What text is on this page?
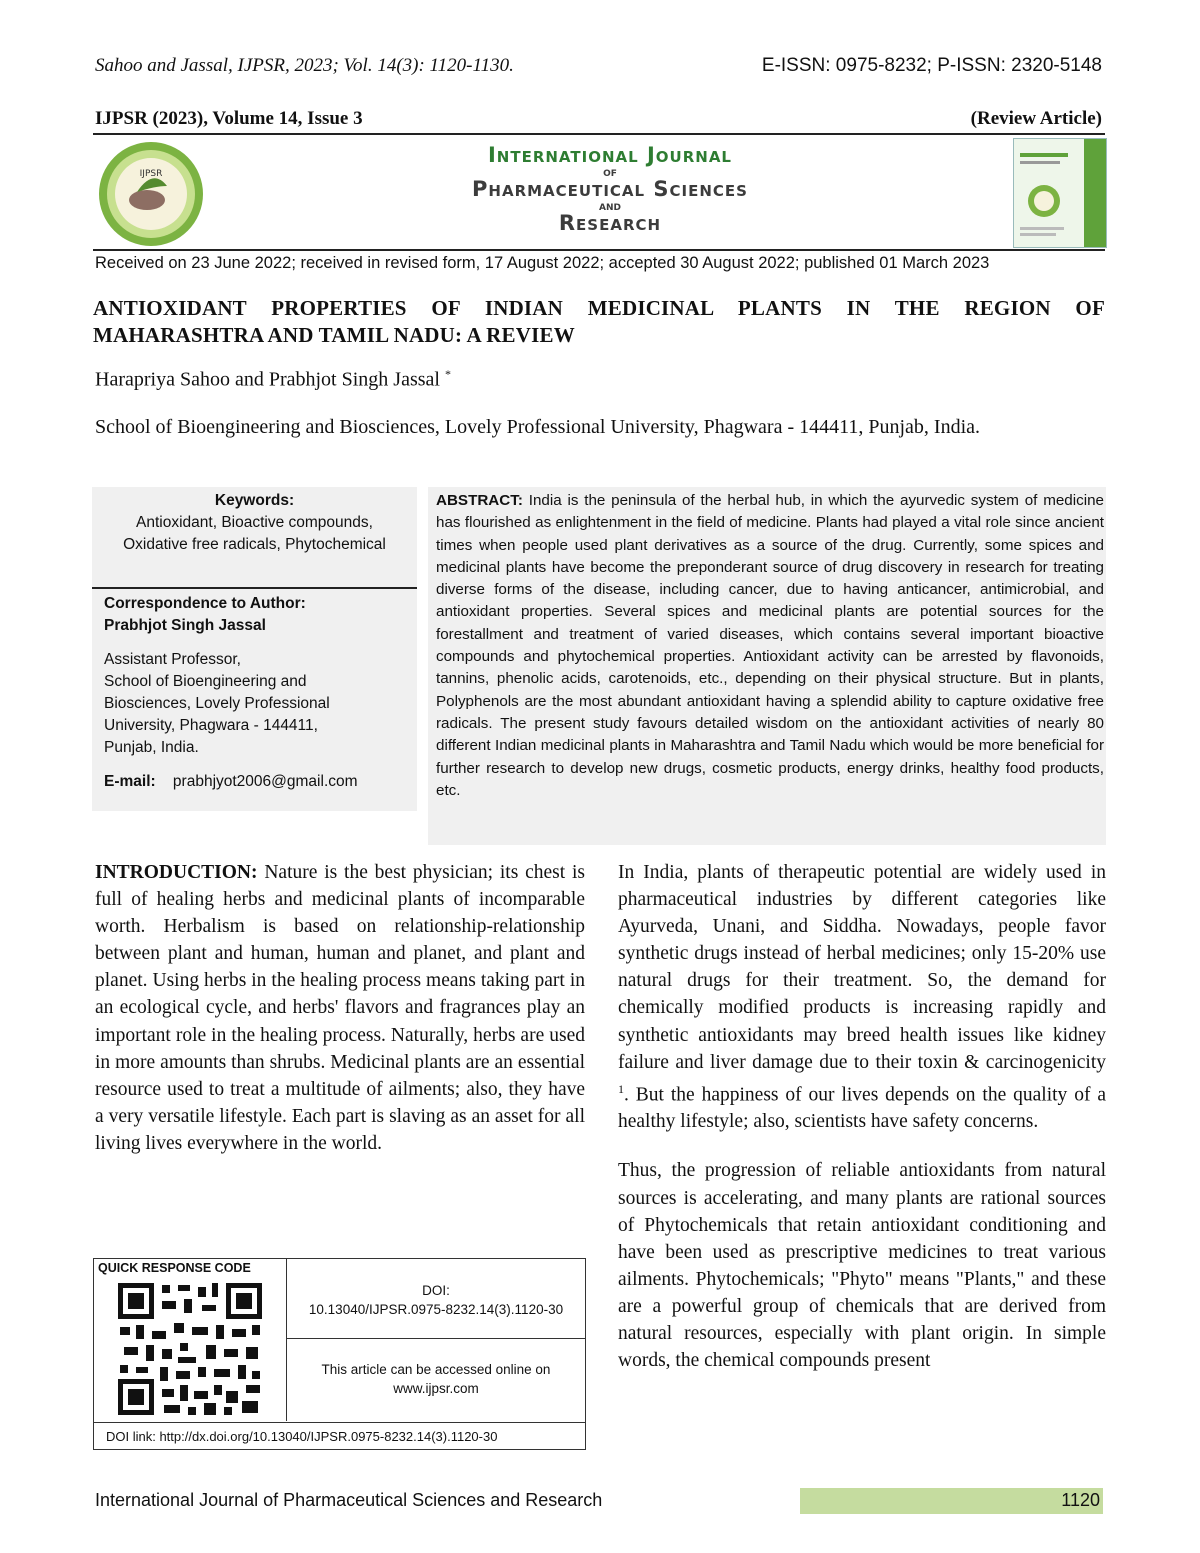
Sahoo and Jassal, IJPSR, 2023; Vol. 14(3): 1120-1130.	E-ISSN: 0975-8232; P-ISSN: 2320-5148
IJPSR (2023), Volume 14, Issue 3	(Review Article)
IJPSR
International Journal
of
Pharmaceutical Sciences
and
Research
Received on 23 June 2022; received in revised form, 17 August 2022; accepted 30 August 2022; published 01 March 2023
ANTIOXIDANT PROPERTIES OF INDIAN MEDICINAL PLANTS IN THE REGION OF MAHARASHTRA AND TAMIL NADU: A REVIEW
Harapriya Sahoo and Prabhjot Singh Jassal *
School of Bioengineering and Biosciences, Lovely Professional University, Phagwara - 144411, Punjab, India.
Keywords:
Antioxidant, Bioactive compounds, Oxidative free radicals, Phytochemical
Correspondence to Author:
Prabhjot Singh Jassal
Assistant Professor,
School of Bioengineering and
Biosciences, Lovely Professional
University, Phagwara - 144411,
Punjab, India.
E-mail: prabhjyot2006@gmail.com

ABSTRACT: India is the peninsula of the herbal hub, in which the ayurvedic system of medicine has flourished as enlightenment in the field of medicine. Plants had played a vital role since ancient times when people used plant derivatives as a source of the drug. Currently, some spices and medicinal plants have become the preponderant source of drug discovery in research for treating diverse forms of the disease, including cancer, due to having anticancer, antimicrobial, and antioxidant properties. Several spices and medicinal plants are potential sources for the forestallment and treatment of varied diseases, which contains several important bioactive compounds and phytochemical properties. Antioxidant activity can be arrested by flavonoids, tannins, phenolic acids, carotenoids, etc., depending on their physical structure. But in plants, Polyphenols are the most abundant antioxidant having a splendid ability to capture oxidative free radicals. The present study favours detailed wisdom on the antioxidant activities of nearly 80 different Indian medicinal plants in Maharashtra and Tamil Nadu which would be more beneficial for further research to develop new drugs, cosmetic products, energy drinks, healthy food products, etc.

INTRODUCTION: Nature is the best physician; its chest is full of healing herbs and medicinal plants of incomparable worth. Herbalism is based on relationship-relationship between plant and human, human and planet, and plant and planet. Using herbs in the healing process means taking part in an ecological cycle, and herbs' flavors and fragrances play an important role in the healing process. Naturally, herbs are used in more amounts than shrubs. Medicinal plants are an essential resource used to treat a multitude of ailments; also, they have a very versatile lifestyle. Each part is slaving as an asset for all living lives everywhere in the world.

In India, plants of therapeutic potential are widely used in pharmaceutical industries by different categories like Ayurveda, Unani, and Siddha. Nowadays, people favor synthetic drugs instead of herbal medicines; only 15-20% use natural drugs for their treatment. So, the demand for chemically modified products is increasing rapidly and synthetic antioxidants may breed health issues like kidney failure and liver damage due to their toxin & carcinogenicity $^1$. But the happiness of our lives depends on the quality of a healthy lifestyle; also, scientists have safety concerns.

Thus, the progression of reliable antioxidants from natural sources is accelerating, and many plants are rational sources of Phytochemicals that retain antioxidant conditioning and have been used as prescriptive medicines to treat various ailments. Phytochemicals; "Phyto" means "Plants," and these are a powerful group of chemicals that are derived from natural resources, especially with plant origin. In simple words, the chemical compounds present

QUICK RESPONSE CODE
DOI:
10.13040/IJPSR.0975-8232.14(3).1120-30
This article can be accessed online on www.ijpsr.com
DOI link: http://dx.doi.org/10.13040/IJPSR.0975-8232.14(3).1120-30
International Journal of Pharmaceutical Sciences and Research	1120
